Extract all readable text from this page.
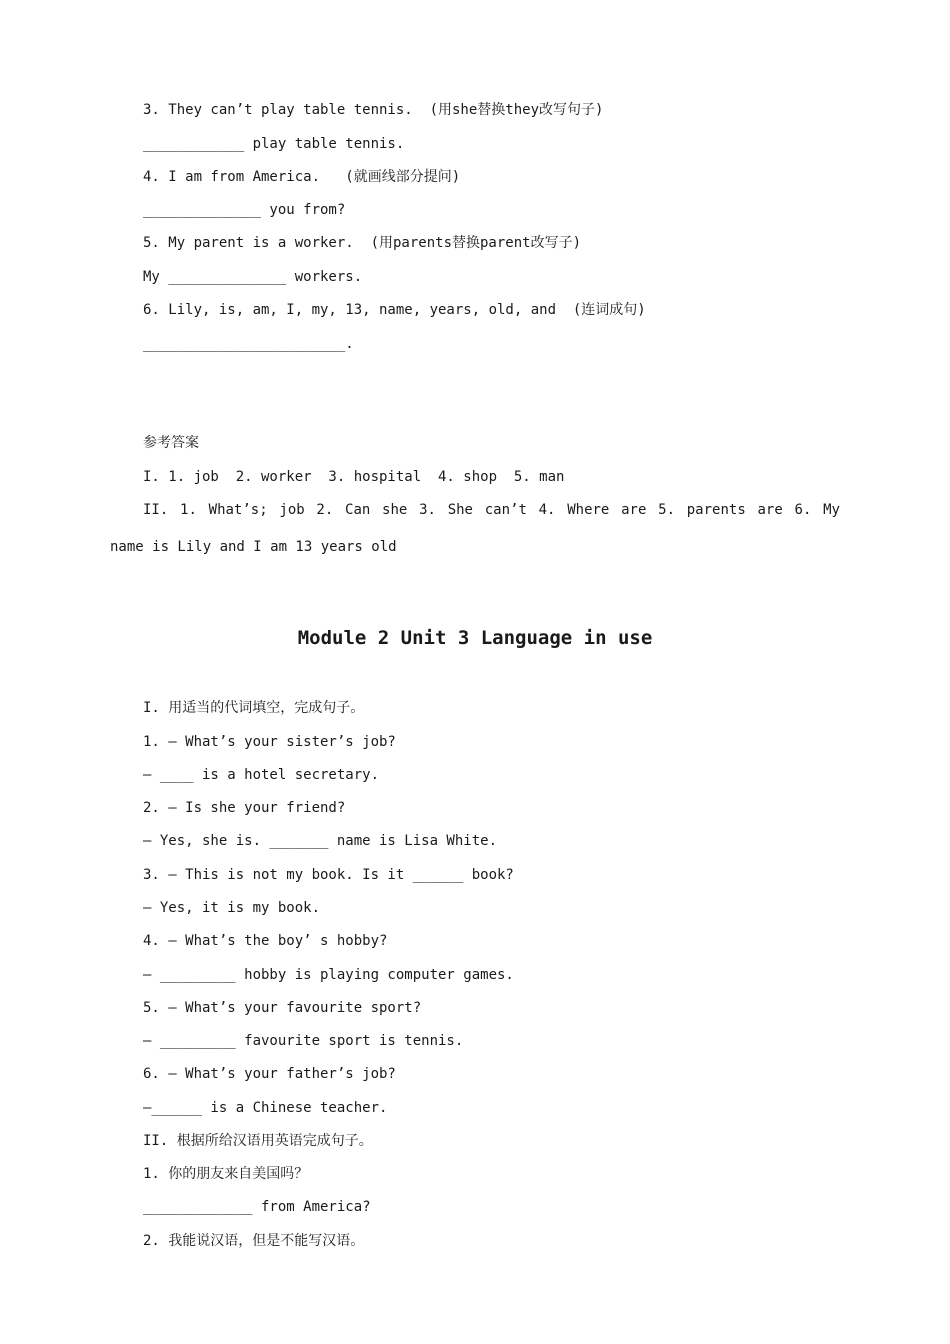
3. They can’t play table tennis.  (用she替换they改写句子)
____________ play table tennis.
4. I am from America.   (就画线部分提问)
______________ you from?
5. My parent is a worker.  (用parents替换parent改写子)
My ______________ workers.
6. Lily, is, am, I, my, 13, name, years, old, and  (连词成句)
________________________.
参考答案
I. 1. job  2. worker  3. hospital  4. shop  5. man
II. 1. What’s; job 2. Can she 3. She can’t 4. Where are 5. parents are 6. My
name is Lily and I am 13 years old
Module 2 Unit 3 Language in use
I. 用适当的代词填空，完成句子。
1. — What’s your sister’s job?
— ____ is a hotel secretary.
2. — Is she your friend?
— Yes, she is. _______ name is Lisa White.
3. — This is not my book. Is it ______ book?
— Yes, it is my book.
4. — What’s the boy’ s hobby?
— _________ hobby is playing computer games.
5. — What’s your favourite sport?
— _________ favourite sport is tennis.
6. — What’s your father’s job?
—______ is a Chinese teacher.
II. 根据所给汉语用英语完成句子。
1. 你的朋友来自美国吗？
_____________ from America?
2. 我能说汉语，但是不能写汉语。
